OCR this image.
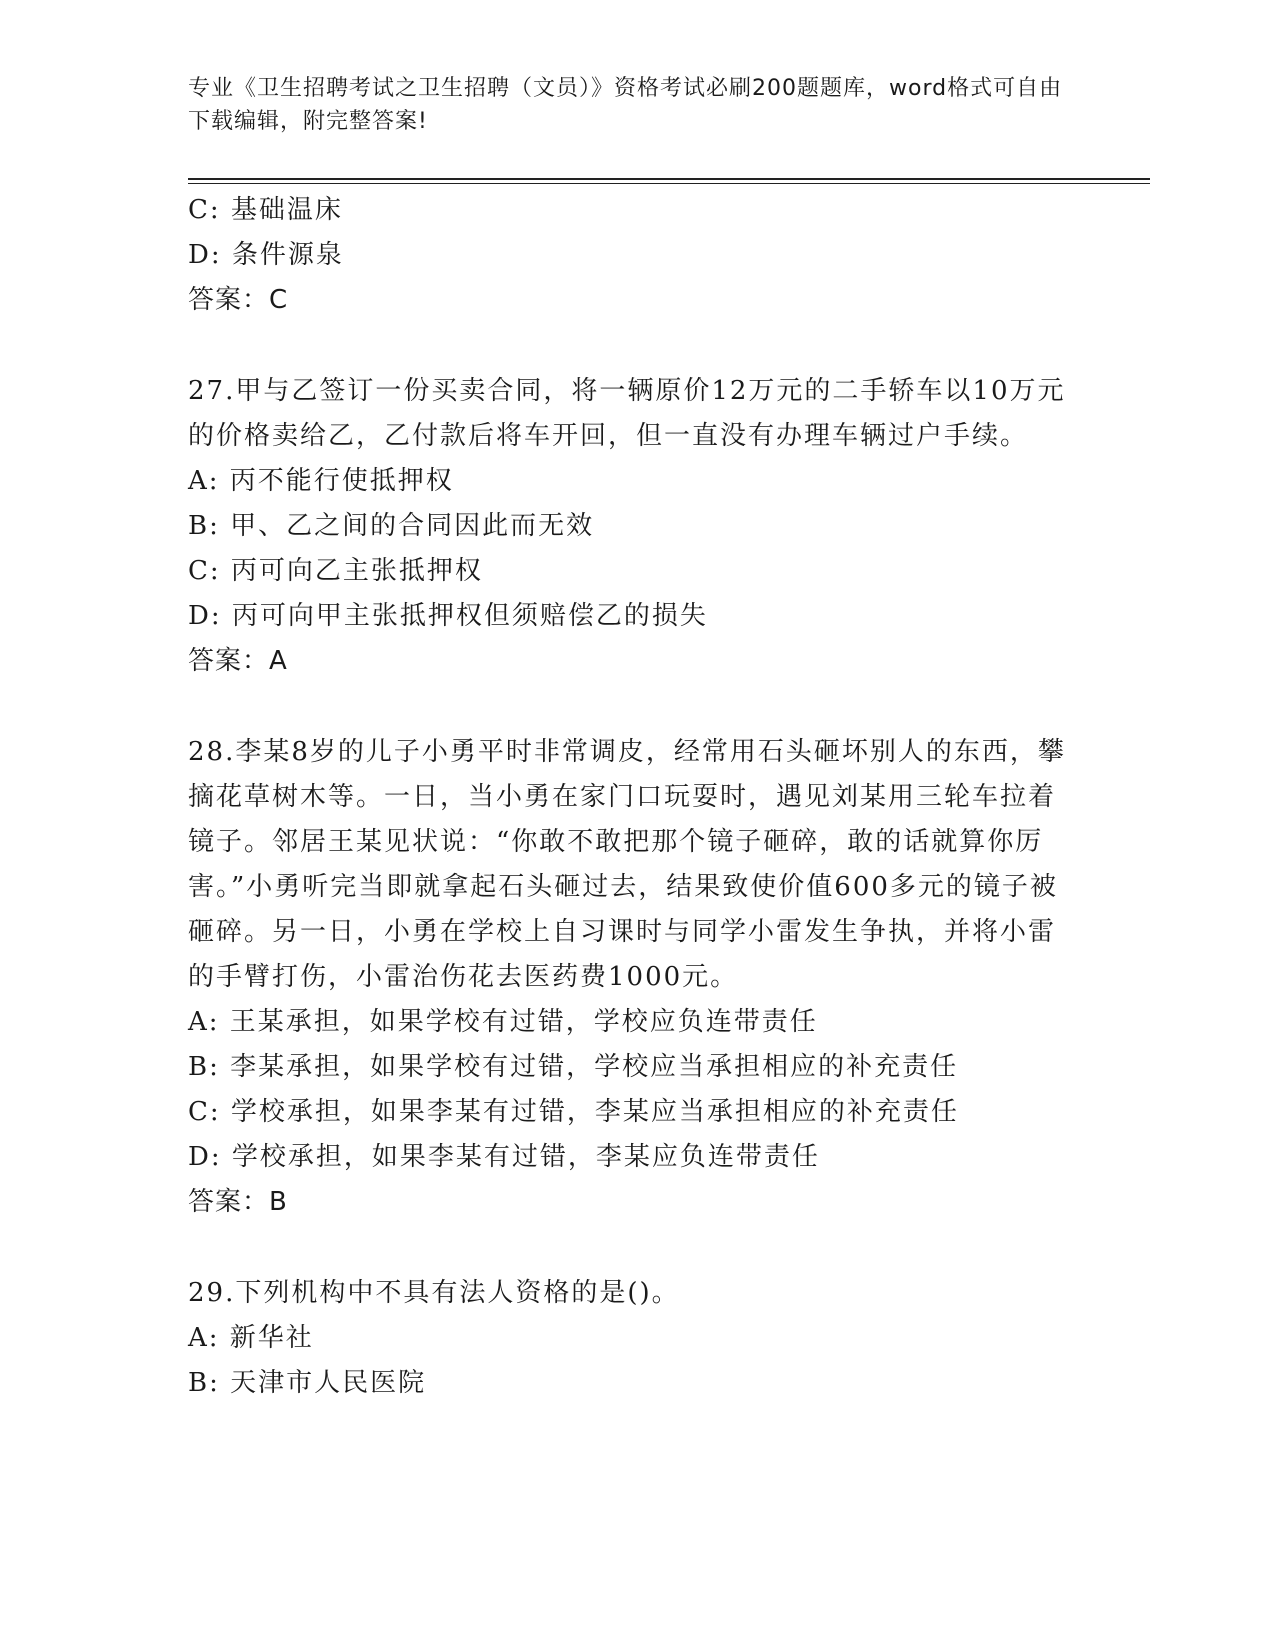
专业《卫生招聘考试之卫生招聘（文员）》资格考试必刷200题题库，word格式可自由下载编辑，附完整答案!
C: 基础温床
D: 条件源泉
答案：C
27.甲与乙签订一份买卖合同，将一辆原价12万元的二手轿车以10万元的价格卖给乙，乙付款后将车开回，但一直没有办理车辆过户手续。
A: 丙不能行使抵押权
B: 甲、乙之间的合同因此而无效
C: 丙可向乙主张抵押权
D: 丙可向甲主张抵押权但须赔偿乙的损失
答案：A
28.李某8岁的儿子小勇平时非常调皮，经常用石头砸坏别人的东西，攀摘花草树木等。一日，当小勇在家门口玩耍时，遇见刘某用三轮车拉着镜子。邻居王某见状说：“你敢不敢把那个镜子砸碎，敢的话就算你厉害。”小勇听完当即就拿起石头砸过去，结果致使价值600多元的镜子被砸碎。另一日，小勇在学校上自习课时与同学小雷发生争执，并将小雷的手臂打伤，小雷治伤花去医药费1000元。
A: 王某承担，如果学校有过错，学校应负连带责任
B: 李某承担，如果学校有过错，学校应当承担相应的补充责任
C: 学校承担，如果李某有过错，李某应当承担相应的补充责任
D: 学校承担，如果李某有过错，李某应负连带责任
答案：B
29.下列机构中不具有法人资格的是()。
A: 新华社
B: 天津市人民医院
